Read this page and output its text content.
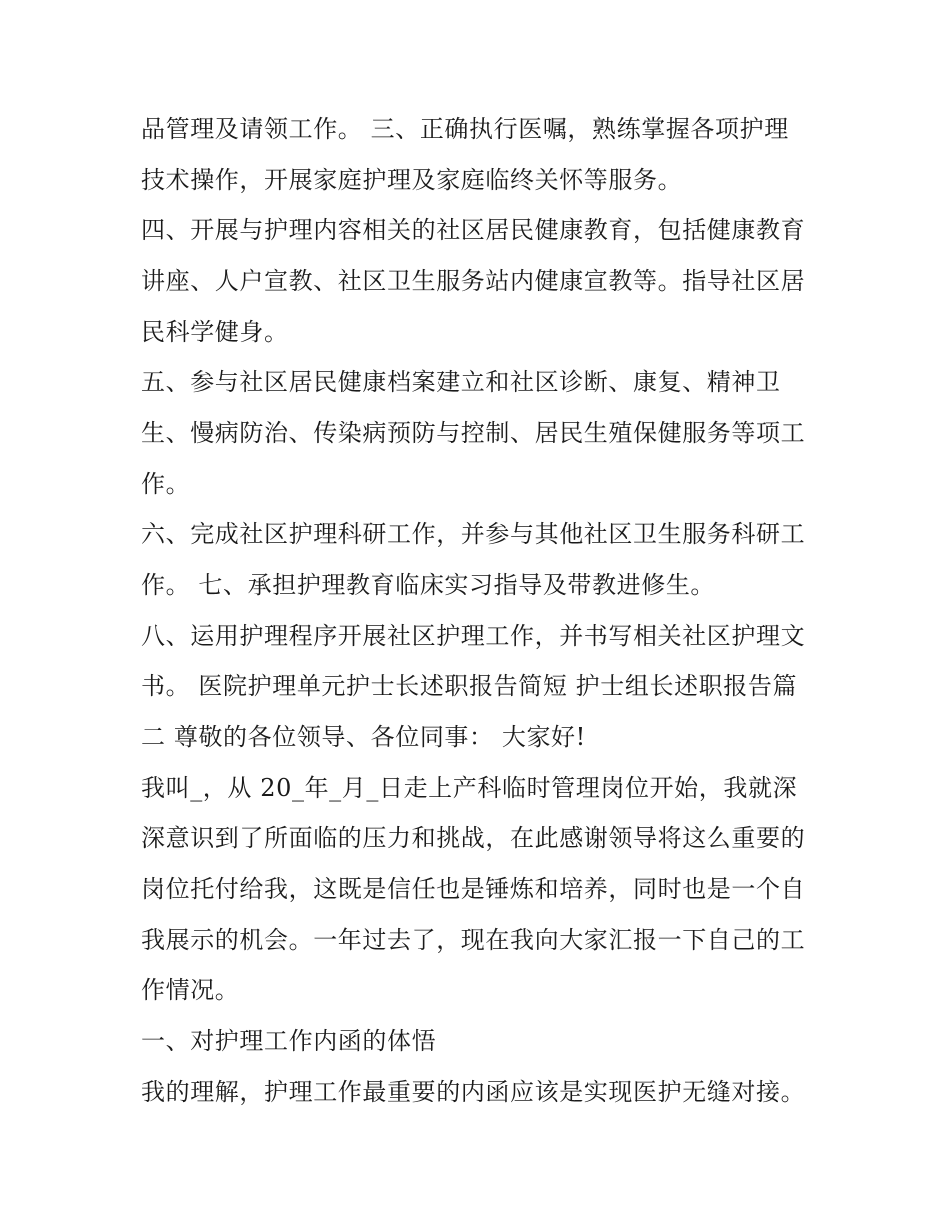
品管理及请领工作。 三、正确执行医嘱，熟练掌握各项护理
技术操作，开展家庭护理及家庭临终关怀等服务。
四、开展与护理内容相关的社区居民健康教育，包括健康教育
讲座、人户宣教、社区卫生服务站内健康宣教等。指导社区居
民科学健身。
五、参与社区居民健康档案建立和社区诊断、康复、精神卫
生、慢病防治、传染病预防与控制、居民生殖保健服务等项工
作。
六、完成社区护理科研工作，并参与其他社区卫生服务科研工
作。 七、承担护理教育临床实习指导及带教进修生。
八、运用护理程序开展社区护理工作，并书写相关社区护理文
书。 医院护理单元护士长述职报告简短 护士组长述职报告篇
二 尊敬的各位领导、各位同事： 大家好!
我叫_，从 20_年_月_日走上产科临时管理岗位开始，我就深
深意识到了所面临的压力和挑战，在此感谢领导将这么重要的
岗位托付给我，这既是信任也是锤炼和培养，同时也是一个自
我展示的机会。一年过去了，现在我向大家汇报一下自己的工
作情况。
一、对护理工作内函的体悟
我的理解，护理工作最重要的内函应该是实现医护无缝对接。
